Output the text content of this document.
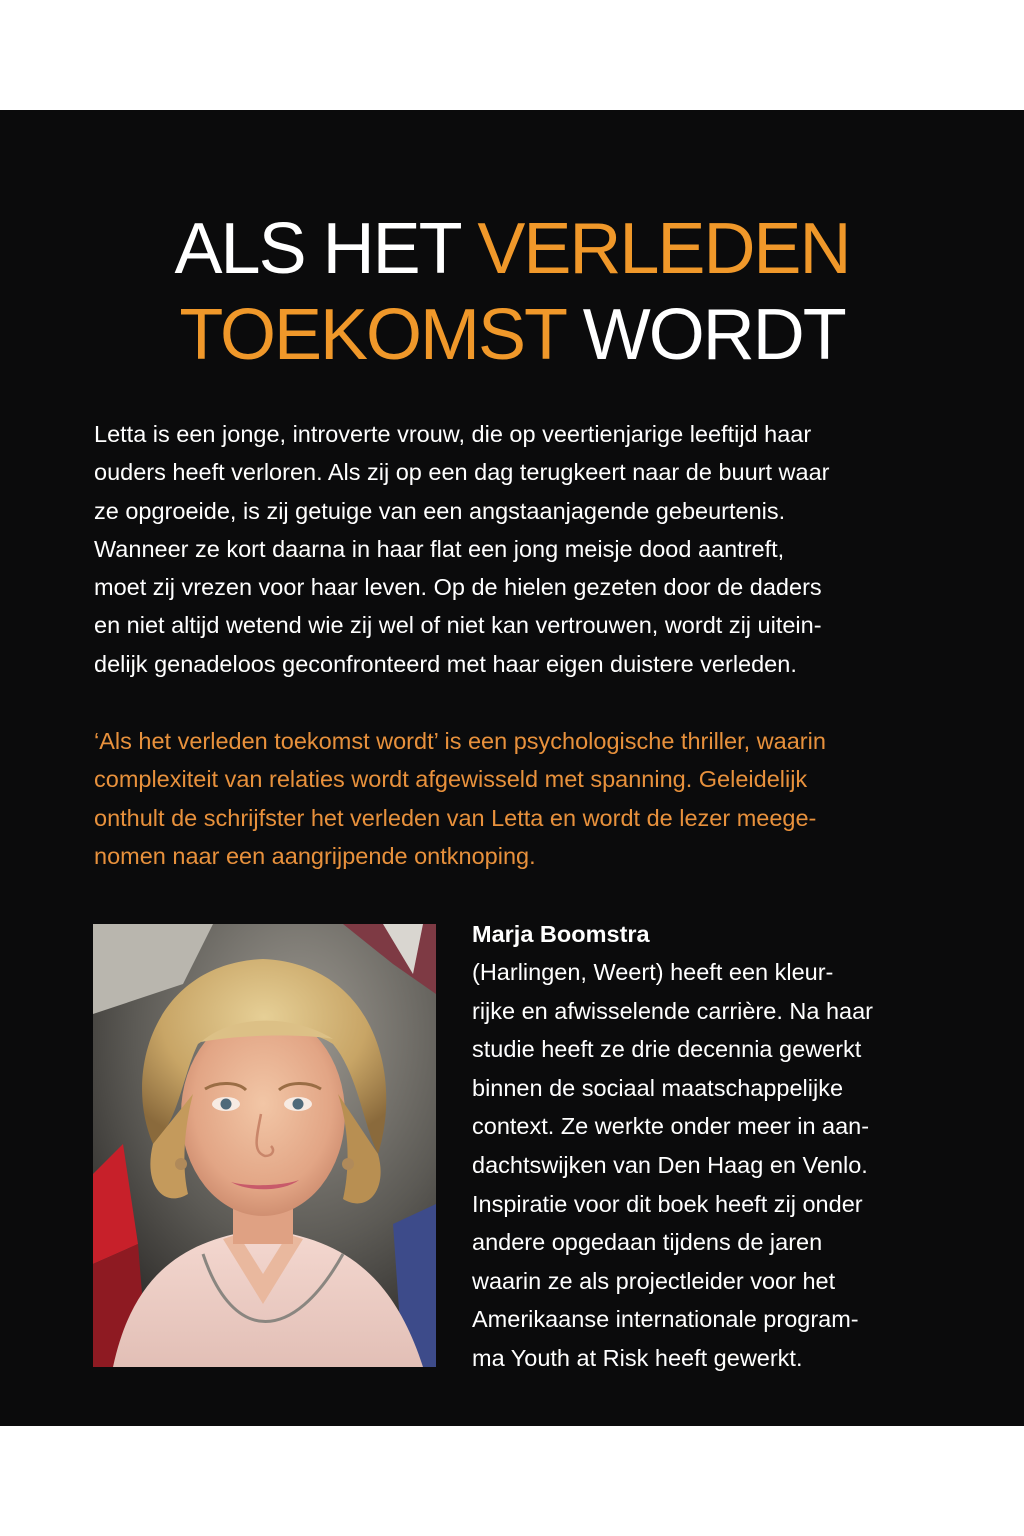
ALS HET VERLEDEN
TOEKOMST WORDT

Letta is een jonge, introverte vrouw, die op veertienjarige leeftijd haar
ouders heeft verloren. Als zij op een dag terugkeert naar de buurt waar
ze opgroeide, is zij getuige van een angstaanjagende gebeurtenis.
Wanneer ze kort daarna in haar flat een jong meisje dood aantreft,
moet zij vrezen voor haar leven. Op de hielen gezeten door de daders
en niet altijd wetend wie zij wel of niet kan vertrouwen, wordt zij uitein-
delijk genadeloos geconfronteerd met haar eigen duistere verleden.

‘Als het verleden toekomst wordt’ is een psychologische thriller, waarin
complexiteit van relaties wordt afgewisseld met spanning. Geleidelijk
onthult de schrijfster het verleden van Letta en wordt de lezer meege-
nomen naar een aangrijpende ontknoping.

Marja Boomstra

(Harlingen, Weert) heeft een kleur-
rijke en afwisselende carrière. Na haar
studie heeft ze drie decennia gewerkt
binnen de sociaal maatschappelijke
context. Ze werkte onder meer in aan-
dachtswijken van Den Haag en Venlo.
Inspiratie voor dit boek heeft zij onder
andere opgedaan tijdens de jaren
waarin ze als projectleider voor het
Amerikaanse internationale program-
ma Youth at Risk heeft gewerkt.
